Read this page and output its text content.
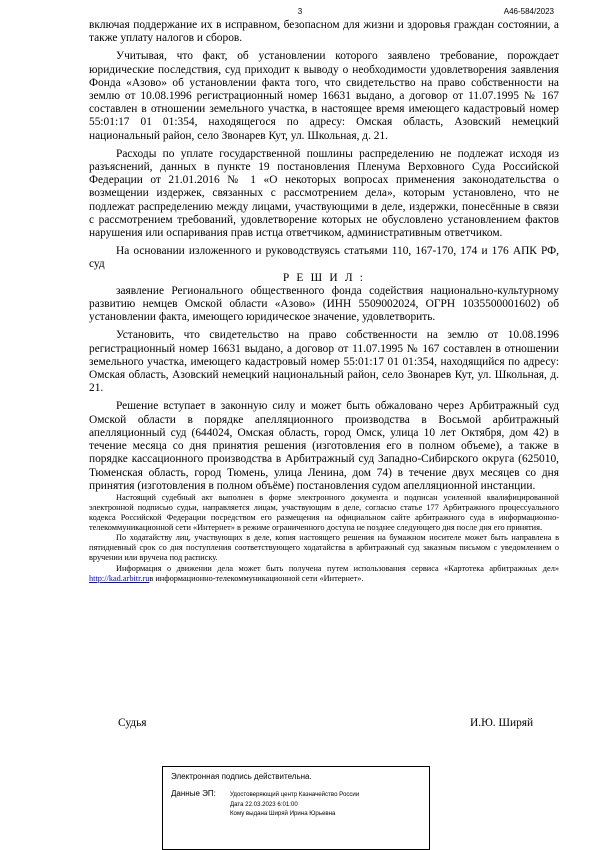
3	А46-584/2023

включая поддержание их в исправном, безопасном для жизни и здоровья граждан состоянии, а также уплату налогов и сборов.

Учитывая, что факт, об установлении которого заявлено требование, порождает юридические последствия, суд приходит к выводу о необходимости удовлетворения заявления Фонда «Азово» об установлении факта того, что свидетельство на право собственности на землю от 10.08.1996 регистрационный номер 16631 выдано, а договор от 11.07.1995 № 167 составлен в отношении земельного участка, в настоящее время имеющего кадастровый номер 55:01:17 01 01:354, находящегося по адресу: Омская область, Азовский немецкий национальный район, село Звонарев Кут, ул. Школьная, д. 21.

Расходы по уплате государственной пошлины распределению не подлежат исходя из разъяснений, данных в пункте 19 постановления Пленума Верховного Суда Российской Федерации от 21.01.2016 № 1 «О некоторых вопросах применения законодательства о возмещении издержек, связанных с рассмотрением дела», которым установлено, что не подлежат распределению между лицами, участвующими в деле, издержки, понесённые в связи с рассмотрением требований, удовлетворение которых не обусловлено установлением фактов нарушения или оспаривания прав истца ответчиком, административным ответчиком.

На основании изложенного и руководствуясь статьями 110, 167-170, 174 и 176 АПК РФ, суд

Р Е Ш И Л :

заявление Регионального общественного фонда содействия национально-культурному развитию немцев Омской области «Азово» (ИНН 5509002024, ОГРН 1035500001602) об установлении факта, имеющего юридическое значение, удовлетворить.

Установить, что свидетельство на право собственности на землю от 10.08.1996 регистрационный номер 16631 выдано, а договор от 11.07.1995 № 167 составлен в отношении земельного участка, имеющего кадастровый номер 55:01:17 01 01:354, находящийся по адресу: Омская область, Азовский немецкий национальный район, село Звонарев Кут, ул. Школьная, д. 21.

Решение вступает в законную силу и может быть обжаловано через Арбитражный суд Омской области в порядке апелляционного производства в Восьмой арбитражный апелляционный суд (644024, Омская область, город Омск, улица 10 лет Октября, дом 42) в течение месяца со дня принятия решения (изготовления его в полном объеме), а также в порядке кассационного производства в Арбитражный суд Западно-Сибирского округа (625010, Тюменская область, город Тюмень, улица Ленина, дом 74) в течение двух месяцев со дня принятия (изготовления в полном объёме) постановления судом апелляционной инстанции.

Настоящий судебный акт выполнен в форме электронного документа и подписан усиленной квалифицированной электронной подписью судьи, направляется лицам, участвующим в деле, согласно статье 177 Арбитражного процессуального кодекса Российской Федерации посредством его размещения на официальном сайте арбитражного суда в информационно-телекоммуникационной сети «Интернет» в режиме ограниченного доступа не позднее следующего дня после дня его принятия.

По ходатайству лиц, участвующих в деле, копия настоящего решения на бумажном носителе может быть направлена в пятидневный срок со дня поступления соответствующего ходатайства в арбитражный суд заказным письмом с уведомлением о вручении или вручена под расписку.

Информация о движении дела может быть получена путем использования сервиса «Картотека арбитражных дел» http://kad.arbitr.ruв информационно-телекоммуникационной сети «Интернет».

Судья	И.Ю. Ширяй
Электронная подпись действительна.
Данные ЭП: Удостоверяющий центр Казначейство России
Дата 22.03.2023 6:01:00
Кому выдана Ширяй Ирина Юрьевна
